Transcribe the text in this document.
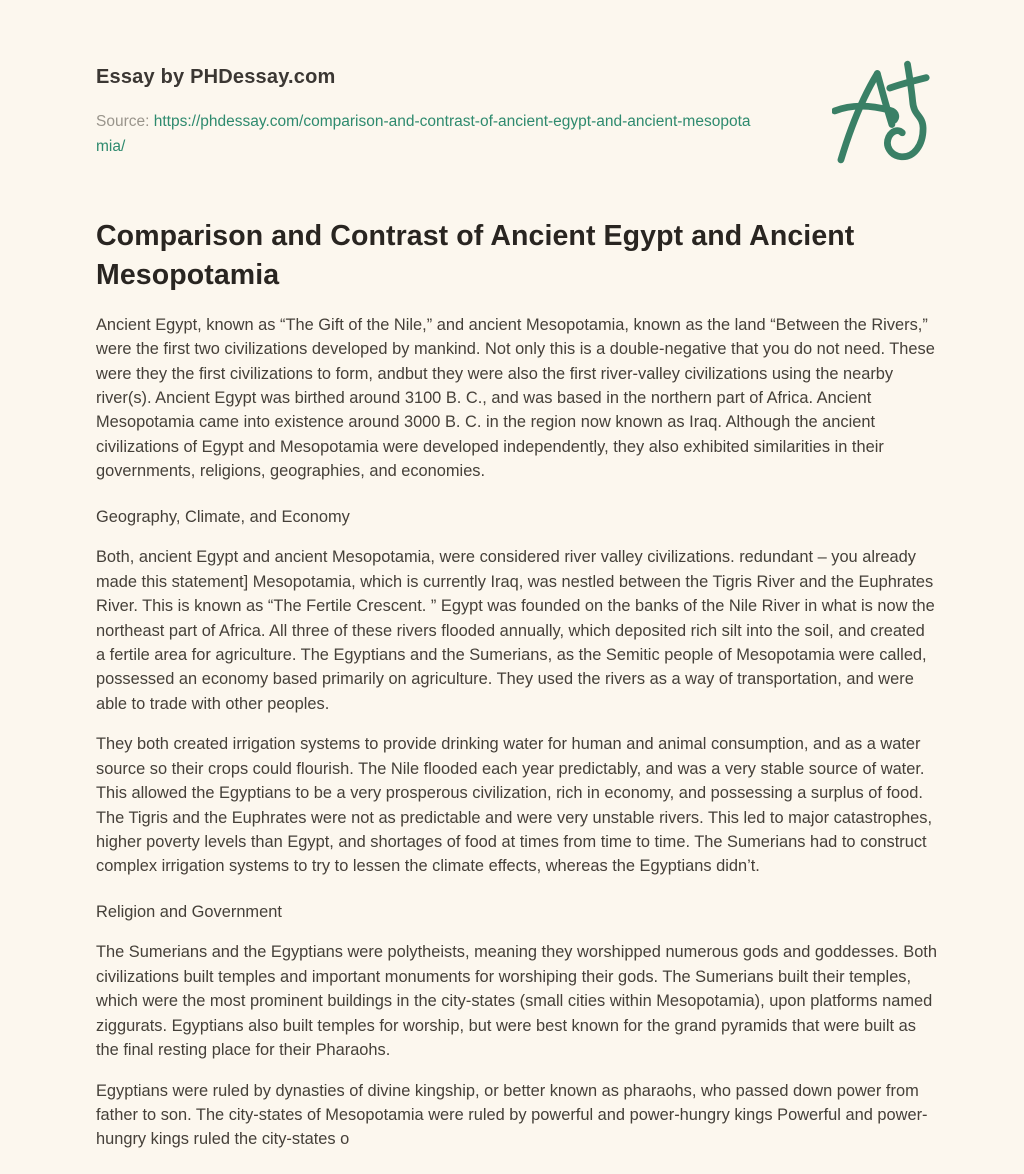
Essay by PHDessay.com

Source: https://phdessay.com/comparison-and-contrast-of-ancient-egypt-and-ancient-mesopotamia/

Comparison and Contrast of Ancient Egypt and Ancient Mesopotamia

Ancient Egypt, known as “The Gift of the Nile,” and ancient Mesopotamia, known as the land “Between the Rivers,” were the first two civilizations developed by mankind. Not only this is a double-negative that you do not need. These were they the first civilizations to form, andbut they were also the first river-valley civilizations using the nearby river(s). Ancient Egypt was birthed around 3100 B. C., and was based in the northern part of Africa. Ancient Mesopotamia came into existence around 3000 B. C. in the region now known as Iraq. Although the ancient civilizations of Egypt and Mesopotamia were developed independently, they also exhibited similarities in their governments, religions, geographies, and economies.

Geography, Climate, and Economy

Both, ancient Egypt and ancient Mesopotamia, were considered river valley civilizations. redundant – you already made this statement] Mesopotamia, which is currently Iraq, was nestled between the Tigris River and the Euphrates River. This is known as “The Fertile Crescent. ” Egypt was founded on the banks of the Nile River in what is now the northeast part of Africa. All three of these rivers flooded annually, which deposited rich silt into the soil, and created a fertile area for agriculture. The Egyptians and the Sumerians, as the Semitic people of Mesopotamia were called, possessed an economy based primarily on agriculture. They used the rivers as a way of transportation, and were able to trade with other peoples.

They both created irrigation systems to provide drinking water for human and animal consumption, and as a water source so their crops could flourish. The Nile flooded each year predictably, and was a very stable source of water. This allowed the Egyptians to be a very prosperous civilization, rich in economy, and possessing a surplus of food. The Tigris and the Euphrates were not as predictable and were very unstable rivers. This led to major catastrophes, higher poverty levels than Egypt, and shortages of food at times from time to time. The Sumerians had to construct complex irrigation systems to try to lessen the climate effects, whereas the Egyptians didn’t.

Religion and Government

The Sumerians and the Egyptians were polytheists, meaning they worshipped numerous gods and goddesses. Both civilizations built temples and important monuments for worshiping their gods. The Sumerians built their temples, which were the most prominent buildings in the city-states (small cities within Mesopotamia), upon platforms named ziggurats. Egyptians also built temples for worship, but were best known for the grand pyramids that were built as the final resting place for their Pharaohs.

Egyptians were ruled by dynasties of divine kingship, or better known as pharaohs, who passed down power from father to son. The city-states of Mesopotamia were ruled by powerful and power-hungry kings Powerful and power-hungry kings ruled the city-states o
